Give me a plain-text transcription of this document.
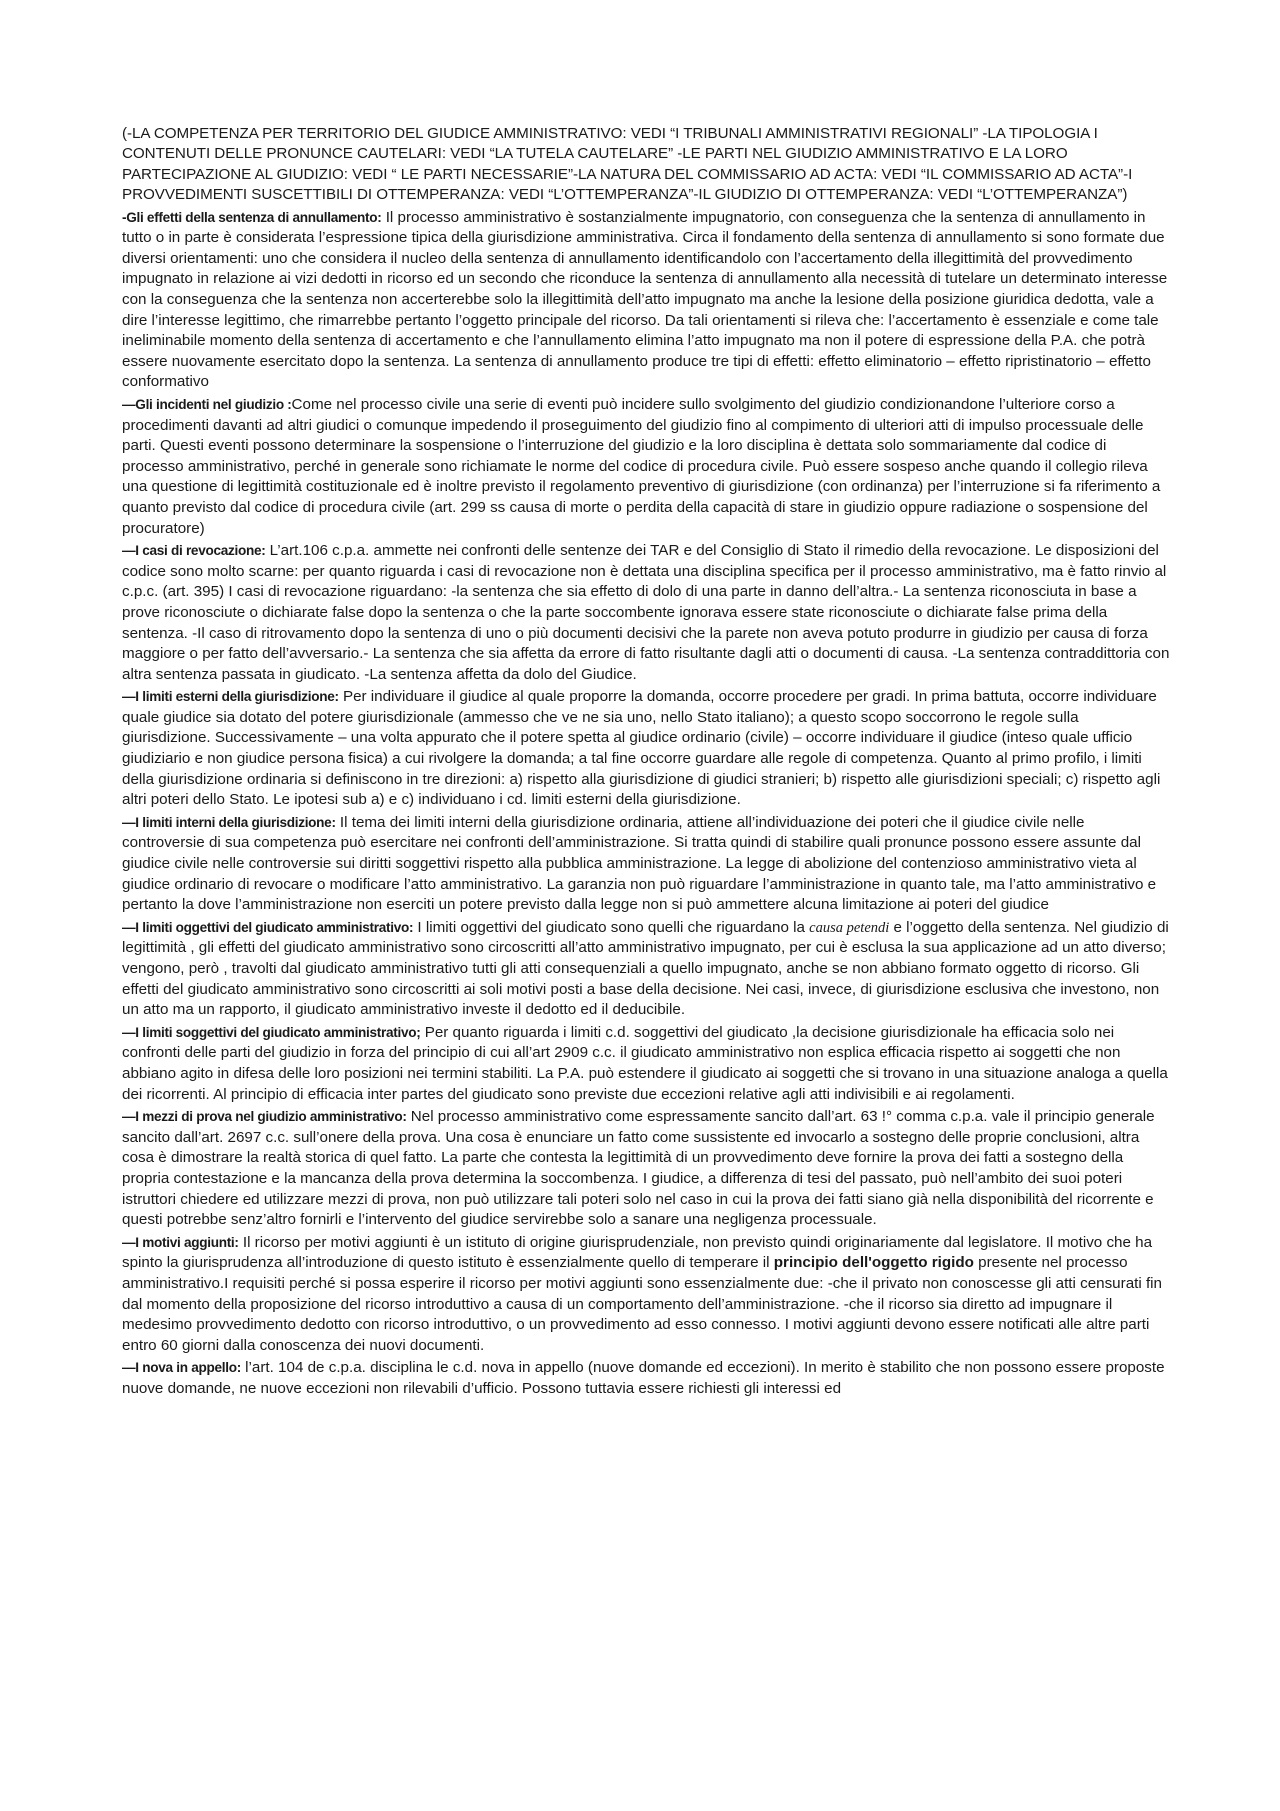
(-LA COMPETENZA PER TERRITORIO DEL GIUDICE AMMINISTRATIVO: VEDI “I TRIBUNALI AMMINISTRATIVI REGIONALI” -LA TIPOLOGIA I CONTENUTI DELLE PRONUNCE CAUTELARI: VEDI “LA TUTELA CAUTELARE” -LE PARTI NEL GIUDIZIO AMMINISTRATIVO E LA LORO PARTECIPAZIONE AL GIUDIZIO: VEDI “ LE PARTI NECESSARIE”-LA NATURA DEL COMMISSARIO AD ACTA: VEDI “IL COMMISSARIO AD ACTA”-I PROVVEDIMENTI SUSCETTIBILI DI OTTEMPERANZA: VEDI “L’OTTEMPERANZA”-IL GIUDIZIO DI OTTEMPERANZA: VEDI “L’OTTEMPERANZA”)

-Gli effetti della sentenza di annullamento: Il processo amministrativo è sostanzialmente impugnatorio, con conseguenza che la sentenza di annullamento in tutto o in parte è considerata l’espressione tipica della giurisdizione amministrativa. Circa il fondamento della sentenza di annullamento si sono formate due diversi orientamenti: uno che considera il nucleo della sentenza di annullamento identificandolo con l’accertamento della illegittimità del provvedimento impugnato in relazione ai vizi dedotti in ricorso ed un secondo che riconduce la sentenza di annullamento alla necessità di tutelare un determinato interesse con la conseguenza che la sentenza non accerterebbe solo la illegittimità dell’atto impugnato ma anche la lesione della posizione giuridica dedotta, vale a dire l’interesse legittimo, che rimarrebbe pertanto l’oggetto principale del ricorso. Da tali orientamenti si rileva che: l’accertamento è essenziale e come tale ineliminabile momento della sentenza di accertamento e che l’annullamento elimina l’atto impugnato ma non il potere di espressione della P.A. che potrà essere nuovamente esercitato dopo la sentenza. La sentenza di annullamento produce tre tipi di effetti: effetto eliminatorio – effetto ripristinatorio – effetto conformativo

—Gli incidenti nel giudizio :Come nel processo civile una serie di eventi può incidere sullo svolgimento del giudizio condizionandone l’ulteriore corso a procedimenti davanti ad altri giudici o comunque impedendo il proseguimento del giudizio fino al compimento di ulteriori atti di impulso processuale delle parti. Questi eventi possono determinare la sospensione o l’interruzione del giudizio e la loro disciplina è dettata solo sommariamente dal codice di processo amministrativo, perché in generale sono richiamate le norme del codice di procedura civile. Può essere sospeso anche quando il collegio rileva una questione di legittimità costituzionale ed è inoltre previsto il regolamento preventivo di giurisdizione (con ordinanza) per l’interruzione si fa riferimento a quanto previsto dal codice di procedura civile (art. 299 ss causa di morte o perdita della capacità di stare in giudizio oppure radiazione o sospensione del procuratore)

—I casi di revocazione: L’art.106 c.p.a. ammette nei confronti delle sentenze dei TAR e del Consiglio di Stato il rimedio della revocazione. Le disposizioni del codice sono molto scarne: per quanto riguarda i casi di revocazione non è dettata una disciplina specifica per il processo amministrativo, ma è fatto rinvio al c.p.c. (art. 395) I casi di revocazione riguardano: -la sentenza che sia effetto di dolo di una parte in danno dell’altra.- La sentenza riconosciuta in base a prove riconosciute o dichiarate false dopo la sentenza o che la parte soccombente ignorava essere state riconosciute o dichiarate false prima della sentenza. -Il caso di ritrovamento dopo la sentenza di uno o più documenti decisivi che la parete non aveva potuto produrre in giudizio per causa di forza maggiore o per fatto dell’avversario.- La sentenza che sia affetta da errore di fatto risultante dagli atti o documenti di causa. -La sentenza contraddittoria con altra sentenza passata in giudicato. -La sentenza affetta da dolo del Giudice.

—I limiti esterni della giurisdizione: Per individuare il giudice al quale proporre la domanda, occorre procedere per gradi. In prima battuta, occorre individuare quale giudice sia dotato del potere giurisdizionale (ammesso che ve ne sia uno, nello Stato italiano); a questo scopo soccorrono le regole sulla giurisdizione. Successivamente – una volta appurato che il potere spetta al giudice ordinario (civile) – occorre individuare il giudice (inteso quale ufficio giudiziario e non giudice persona fisica) a cui rivolgere la domanda; a tal fine occorre guardare alle regole di competenza. Quanto al primo profilo, i limiti della giurisdizione ordinaria si definiscono in tre direzioni: a) rispetto alla giurisdizione di giudici stranieri; b) rispetto alle giurisdizioni speciali; c) rispetto agli altri poteri dello Stato. Le ipotesi sub a) e c) individuano i cd. limiti esterni della giurisdizione.

—I limiti interni della giurisdizione: Il tema dei limiti interni della giurisdizione ordinaria, attiene all’individuazione dei poteri che il giudice civile nelle controversie di sua competenza può esercitare nei confronti dell’amministrazione. Si tratta quindi di stabilire quali pronunce possono essere assunte dal giudice civile nelle controversie sui diritti soggettivi rispetto alla pubblica amministrazione. La legge di abolizione del contenzioso amministrativo vieta al giudice ordinario di revocare o modificare l’atto amministrativo. La garanzia non può riguardare l’amministrazione in quanto tale, ma l’atto amministrativo e pertanto la dove l’amministrazione non eserciti un potere previsto dalla legge non si può ammettere alcuna limitazione ai poteri del giudice

—I limiti oggettivi del giudicato amministrativo: I limiti oggettivi del giudicato sono quelli che riguardano la causa petendi e l’oggetto della sentenza. Nel giudizio di legittimità , gli effetti del giudicato amministrativo sono circoscritti all’atto amministrativo impugnato, per cui è esclusa la sua applicazione ad un atto diverso; vengono, però , travolti dal giudicato amministrativo tutti gli atti consequenziali a quello impugnato, anche se non abbiano formato oggetto di ricorso. Gli effetti del giudicato amministrativo sono circoscritti ai soli motivi posti a base della decisione. Nei casi, invece, di giurisdizione esclusiva che investono, non un atto ma un rapporto, il giudicato amministrativo investe il dedotto ed il deducibile.

—I limiti soggettivi del giudicato amministrativo; Per quanto riguarda i limiti c.d. soggettivi del giudicato ,la decisione giurisdizionale ha efficacia solo nei confronti delle parti del giudizio in forza del principio di cui all’art 2909 c.c. il giudicato amministrativo non esplica efficacia rispetto ai soggetti che non abbiano agito in difesa delle loro posizioni nei termini stabiliti. La P.A. può estendere il giudicato ai soggetti che si trovano in una situazione analoga a quella dei ricorrenti. Al principio di efficacia inter partes del giudicato sono previste due eccezioni relative agli atti indivisibili e ai regolamenti.

—I mezzi di prova nel giudizio amministrativo: Nel processo amministrativo come espressamente sancito dall’art. 63 !° comma c.p.a. vale il principio generale sancito dall’art. 2697 c.c. sull’onere della prova. Una cosa è enunciare un fatto come sussistente ed invocarlo a sostegno delle proprie conclusioni, altra cosa è dimostrare la realtà storica di quel fatto. La parte che contesta la legittimità di un provvedimento deve fornire la prova dei fatti a sostegno della propria contestazione e la mancanza della prova determina la soccombenza. I giudice, a differenza di tesi del passato, può nell’ambito dei suoi poteri istruttori chiedere ed utilizzare mezzi di prova, non può utilizzare tali poteri solo nel caso in cui la prova dei fatti siano già nella disponibilità del ricorrente e questi potrebbe senz’altro fornirli e l’intervento del giudice servirebbe solo a sanare una negligenza processuale.

—I motivi aggiunti: Il ricorso per motivi aggiunti è un istituto di origine giurisprudenziale, non previsto quindi originariamente dal legislatore. Il motivo che ha spinto la giurisprudenza all’introduzione di questo istituto è essenzialmente quello di temperare il principio dell'oggetto rigido presente nel processo amministrativo.I requisiti perché si possa esperire il ricorso per motivi aggiunti sono essenzialmente due: -che il privato non conoscesse gli atti censurati fin dal momento della proposizione del ricorso introduttivo a causa di un comportamento dell’amministrazione. -che il ricorso sia diretto ad impugnare il medesimo provvedimento dedotto con ricorso introduttivo, o un provvedimento ad esso connesso. I motivi aggiunti devono essere notificati alle altre parti entro 60 giorni dalla conoscenza dei nuovi documenti.

—I nova in appello: l’art. 104 de c.p.a. disciplina le c.d. nova in appello (nuove domande ed eccezioni). In merito è stabilito che non possono essere proposte nuove domande, ne nuove eccezioni non rilevabili d’ufficio. Possono tuttavia essere richiesti gli interessi ed
